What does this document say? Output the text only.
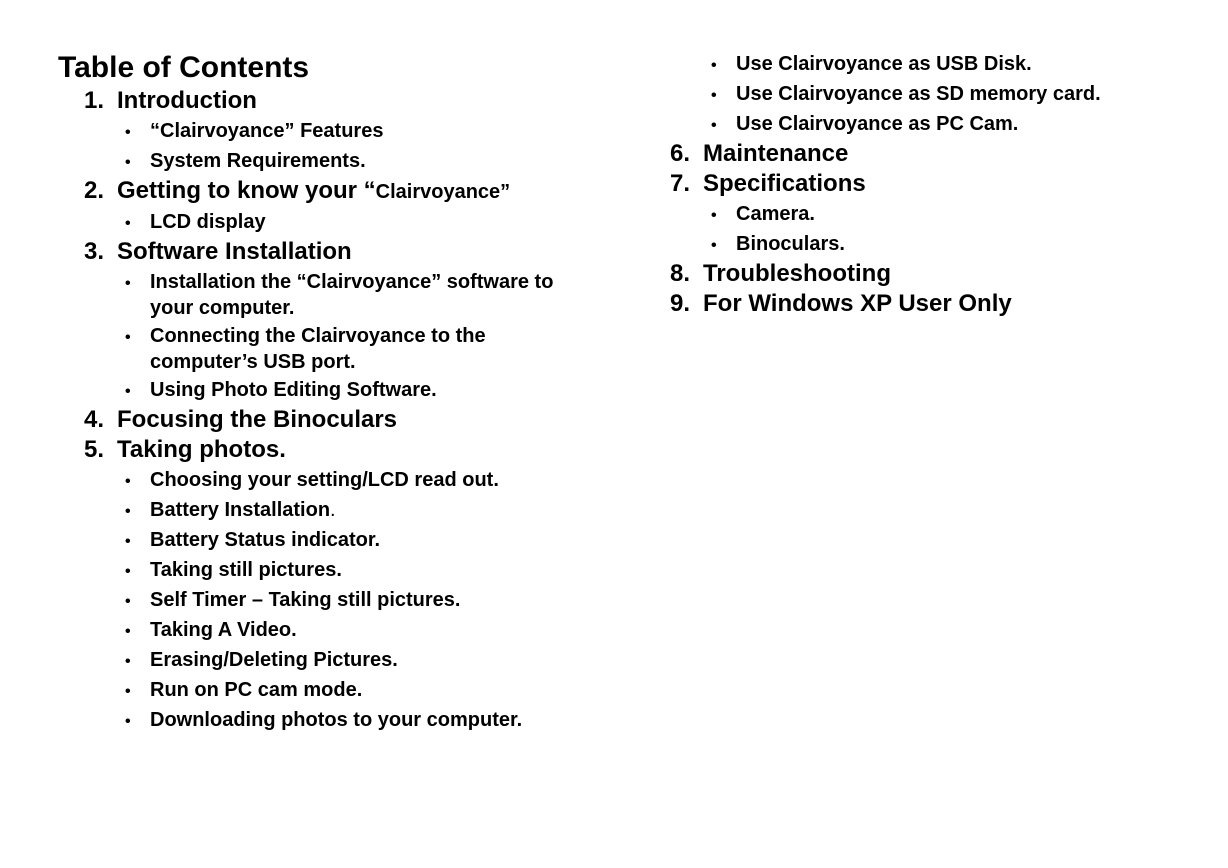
Table of Contents
1. Introduction
• “Clairvoyance” Features
• System Requirements.
2. Getting to know your “Clairvoyance”
• LCD display
3. Software Installation
• Installation the “Clairvoyance” software to your computer.
• Connecting the Clairvoyance to the computer’s USB port.
• Using Photo Editing Software.
4. Focusing the Binoculars
5. Taking photos.
• Choosing your setting/LCD read out.
• Battery Installation.
• Battery Status indicator.
• Taking still pictures.
• Self Timer – Taking still pictures.
• Taking A Video.
• Erasing/Deleting Pictures.
• Run on PC cam mode.
• Downloading photos to your computer.
• Use Clairvoyance as USB Disk.
• Use Clairvoyance as SD memory card.
• Use Clairvoyance as PC Cam.
6. Maintenance
7. Specifications
• Camera.
• Binoculars.
8. Troubleshooting
9. For Windows XP User Only
